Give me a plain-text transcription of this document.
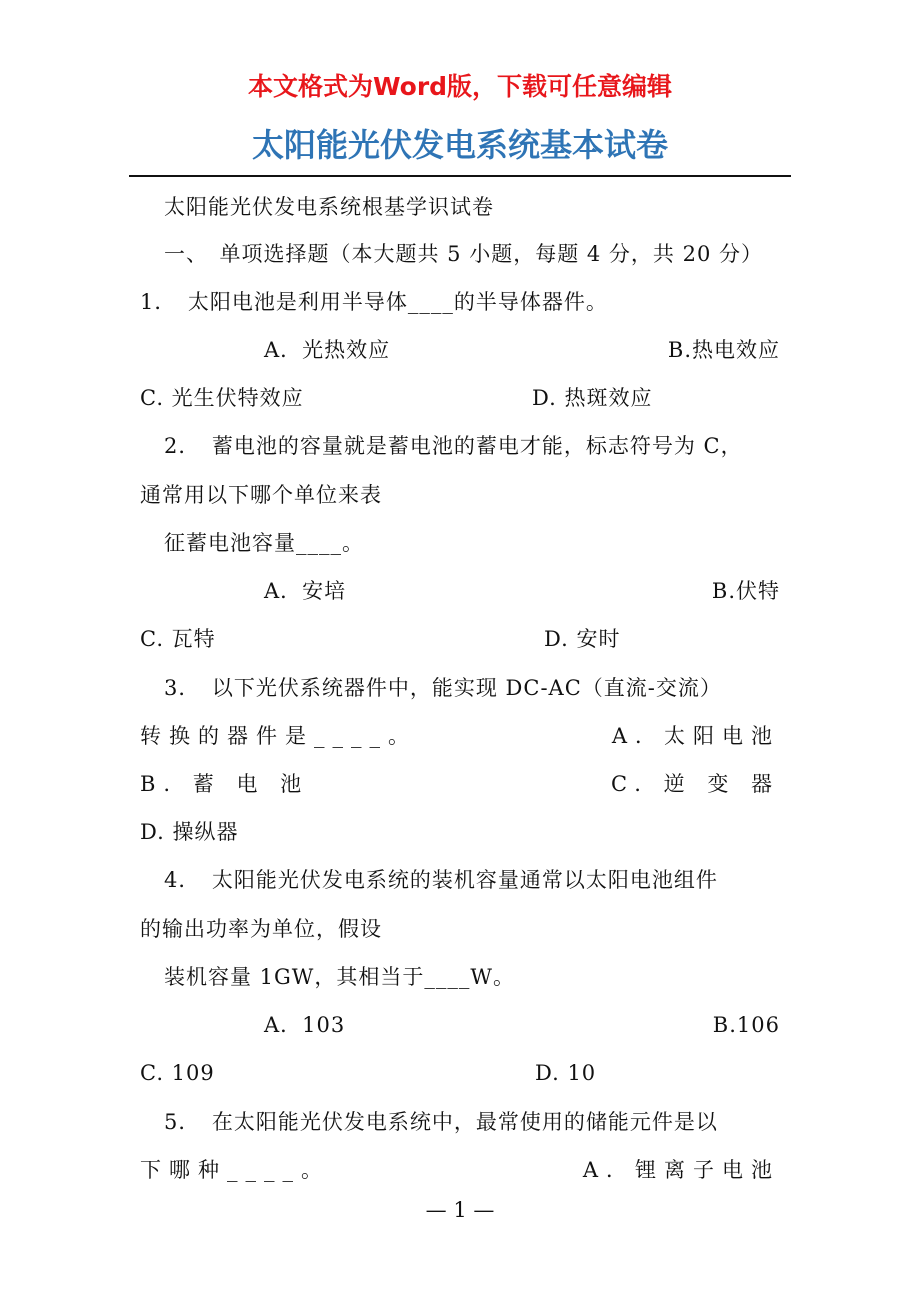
本文格式为Word版，下载可任意编辑
太阳能光伏发电系统基本试卷
太阳能光伏发电系统根基学识试卷
一、　单项选择题（本大题共 5 小题，每题 4 分，共 20 分）
1．　太阳电池是利用半导体____的半导体器件。
A．光热效应	B.热电效应
C. 光生伏特效应	D. 热斑效应
2．　蓄电池的容量就是蓄电池的蓄电才能，标志符号为 C，
通常用以下哪个单位来表
征蓄电池容量____。
A．安培	B.伏特
C. 瓦特	D. 安时
3．　以下光伏系统器件中，能实现 DC-AC（直流-交流）
转换的器件是____。	A．太阳电池
B. 蓄 电 池	C. 逆 变 器
D. 操纵器
4．　太阳能光伏发电系统的装机容量通常以太阳电池组件
的输出功率为单位，假设
装机容量 1GW，其相当于____W。
A．103	B.106
C. 109	D. 10
5．　在太阳能光伏发电系统中，最常使用的储能元件是以
下哪种____。	A．锂离子电池
— 1 —
